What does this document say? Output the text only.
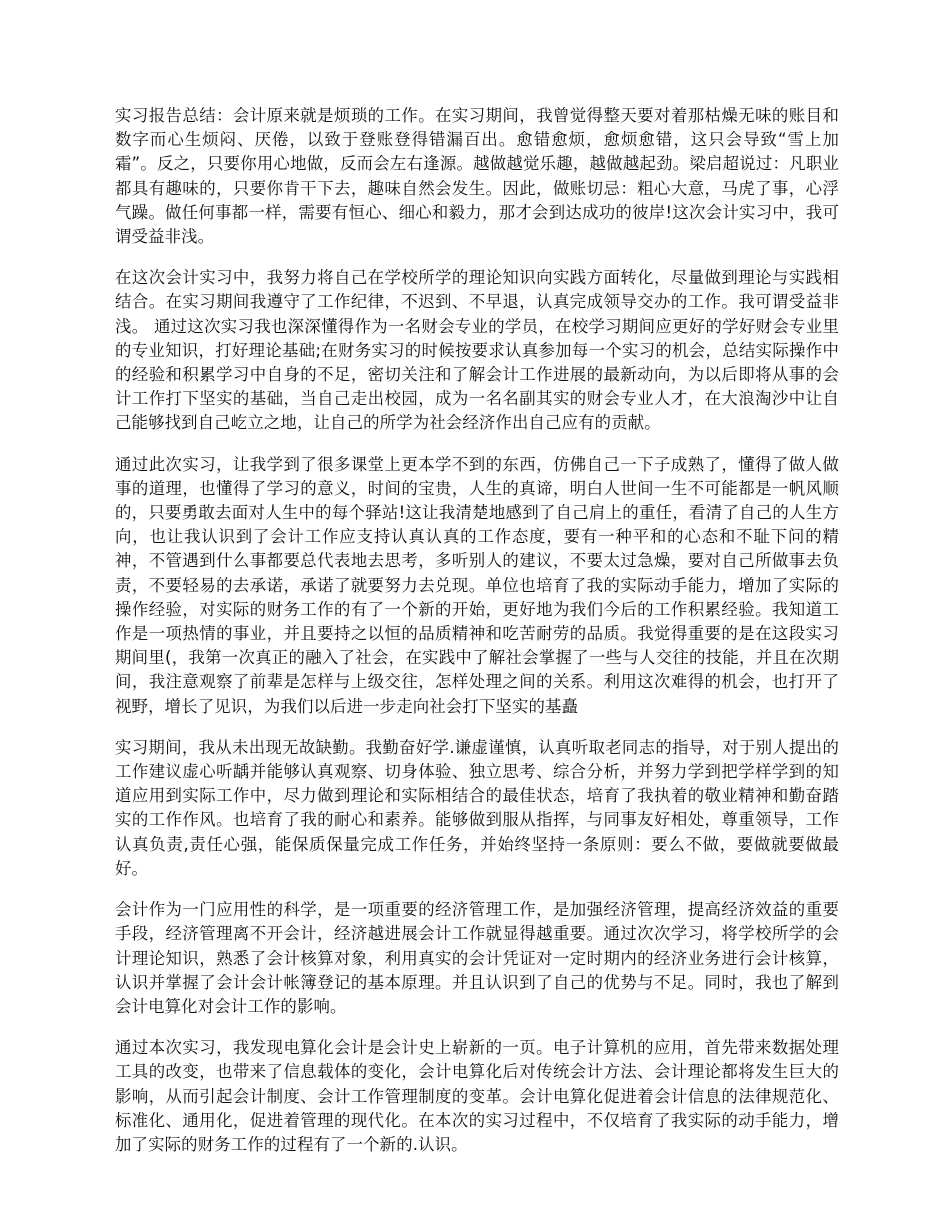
实习报告总结：会计原来就是烦琐的工作。在实习期间，我曾觉得整天要对着那枯燥无味的账目和数字而心生烦闷、厌倦，以致于登账登得错漏百出。愈错愈烦，愈烦愈错，这只会导致“雪上加霜”。反之，只要你用心地做，反而会左右逢源。越做越觉乐趣，越做越起劲。梁启超说过：凡职业都具有趣味的，只要你肯干下去，趣味自然会发生。因此，做账切忌：粗心大意，马虎了事，心浮气躁。做任何事都一样，需要有恒心、细心和毅力，那才会到达成功的彼岸!这次会计实习中，我可谓受益非浅。

在这次会计实习中，我努力将自己在学校所学的理论知识向实践方面转化，尽量做到理论与实践相结合。在实习期间我遵守了工作纪律，不迟到、不早退，认真完成领导交办的工作。我可谓受益非浅。 通过这次实习我也深深懂得作为一名财会专业的学员，在校学习期间应更好的学好财会专业里的专业知识，打好理论基础;在财务实习的时候按要求认真参加每一个实习的机会，总结实际操作中的经验和积累学习中自身的不足，密切关注和了解会计工作进展的最新动向，为以后即将从事的会计工作打下坚实的基础，当自己走出校园，成为一名名副其实的财会专业人才，在大浪淘沙中让自己能够找到自己屹立之地，让自己的所学为社会经济作出自己应有的贡献。

通过此次实习，让我学到了很多课堂上更本学不到的东西，仿佛自己一下子成熟了，懂得了做人做事的道理，也懂得了学习的意义，时间的宝贵，人生的真谛，明白人世间一生不可能都是一帆风顺的，只要勇敢去面对人生中的每个驿站!这让我清楚地感到了自己肩上的重任，看清了自己的人生方向，也让我认识到了会计工作应支持认真认真的工作态度，要有一种平和的心态和不耻下问的精神，不管遇到什么事都要总代表地去思考，多听别人的建议，不要太过急燥，要对自己所做事去负责，不要轻易的去承诺，承诺了就要努力去兑现。单位也培育了我的实际动手能力，增加了实际的操作经验，对实际的财务工作的有了一个新的开始，更好地为我们今后的工作积累经验。我知道工作是一项热情的事业，并且要持之以恒的品质精神和吃苦耐劳的品质。我觉得重要的是在这段实习期间里(，我第一次真正的融入了社会，在实践中了解社会掌握了一些与人交往的技能，并且在次期间，我注意观察了前辈是怎样与上级交往，怎样处理之间的关系。利用这次难得的机会，也打开了视野，增长了见识，为我们以后进一步走向社会打下坚实的基矗

实习期间，我从未出现无故缺勤。我勤奋好学.谦虚谨慎，认真听取老同志的指导，对于别人提出的工作建议虚心听龋并能够认真观察、切身体验、独立思考、综合分析，并努力学到把学样学到的知道应用到实际工作中，尽力做到理论和实际相结合的最佳状态，培育了我执着的敬业精神和勤奋踏实的工作作风。也培育了我的耐心和素养。能够做到服从指挥，与同事友好相处，尊重领导，工作认真负责,责任心强，能保质保量完成工作任务，并始终坚持一条原则：要么不做，要做就要做最好。

会计作为一门应用性的科学，是一项重要的经济管理工作，是加强经济管理，提高经济效益的重要手段，经济管理离不开会计，经济越进展会计工作就显得越重要。通过次次学习，将学校所学的会计理论知识，熟悉了会计核算对象，利用真实的会计凭证对一定时期内的经济业务进行会计核算，认识并掌握了会计会计帐簿登记的基本原理。并且认识到了自己的优势与不足。同时，我也了解到会计电算化对会计工作的影响。

通过本次实习，我发现电算化会计是会计史上崭新的一页。电子计算机的应用，首先带来数据处理工具的改变，也带来了信息载体的变化，会计电算化后对传统会计方法、会计理论都将发生巨大的影响，从而引起会计制度、会计工作管理制度的变革。会计电算化促进着会计信息的法律规范化、标准化、通用化，促进着管理的现代化。在本次的实习过程中，不仅培育了我实际的动手能力，增加了实际的财务工作的过程有了一个新的.认识。
